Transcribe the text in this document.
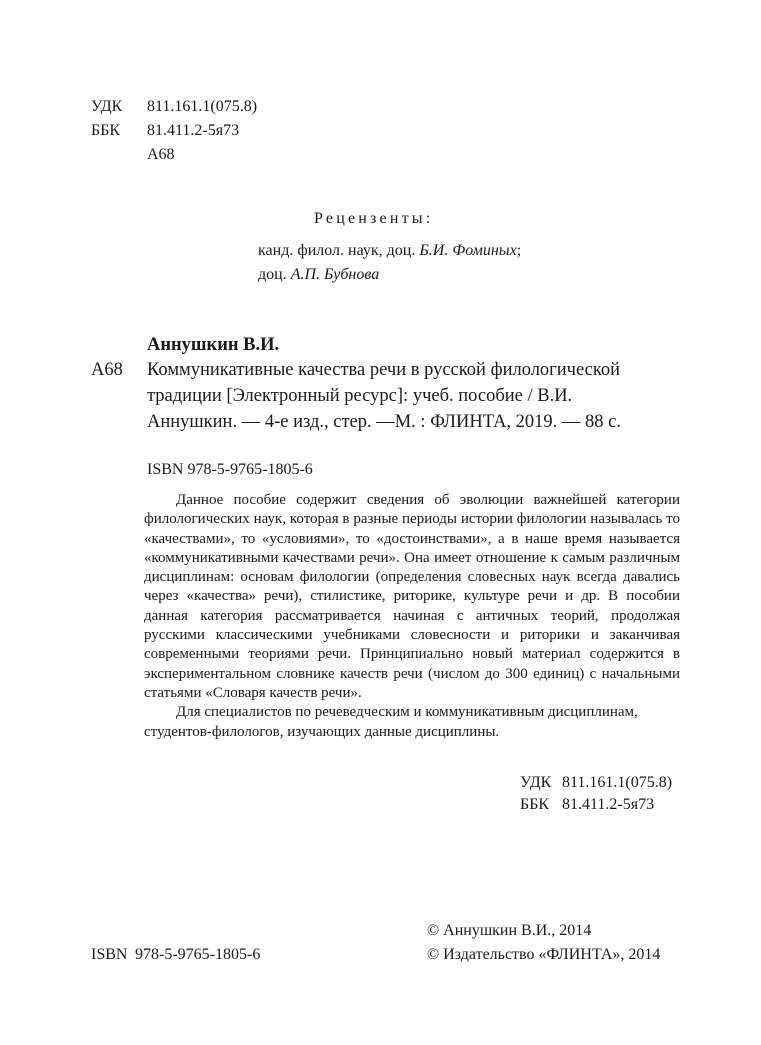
УДК 811.161.1(075.8)
ББК 81.411.2-5я73
А68
Рецензенты:
канд. филол. наук, доц. Б.И. Фоминых;
доц. А.П. Бубнова
Аннушкин В.И.
А68 Коммуникативные качества речи в русской филологической
традиции [Электронный ресурс]: учеб. пособие / В.И.
Аннушкин. — 4-е изд., стер. —М. : ФЛИНТА, 2019. — 88 с.
ISBN 978-5-9765-1805-6

Данное пособие содержит сведения об эволюции важнейшей категории филологических наук, которая в разные периоды истории филологии называлась то «качествами», то «условиями», то «достоинствами», а в наше время называется «коммуникативными качествами речи». Она имеет отношение к самым различным дисциплинам: основам филологии (определения словесных наук всегда давались через «качества» речи), стилистике, риторике, культуре речи и др. В пособии данная категория рассматривается начиная с античных теорий, продолжая русскими классическими учебниками словесности и риторики и заканчивая современными теориями речи. Принципиально новый материал содержится в экспериментальном словнике качеств речи (числом до 300 единиц) с начальными статьями «Словаря качеств речи».

Для специалистов по речеведческим и коммуникативным дисциплинам, студентов-филологов, изучающих данные дисциплины.

УДК 811.161.1(075.8)
ББК 81.411.2-5я73
© Аннушкин В.И., 2014
ISBN 978-5-9765-1805-6	© Издательство «ФЛИНТА», 2014
